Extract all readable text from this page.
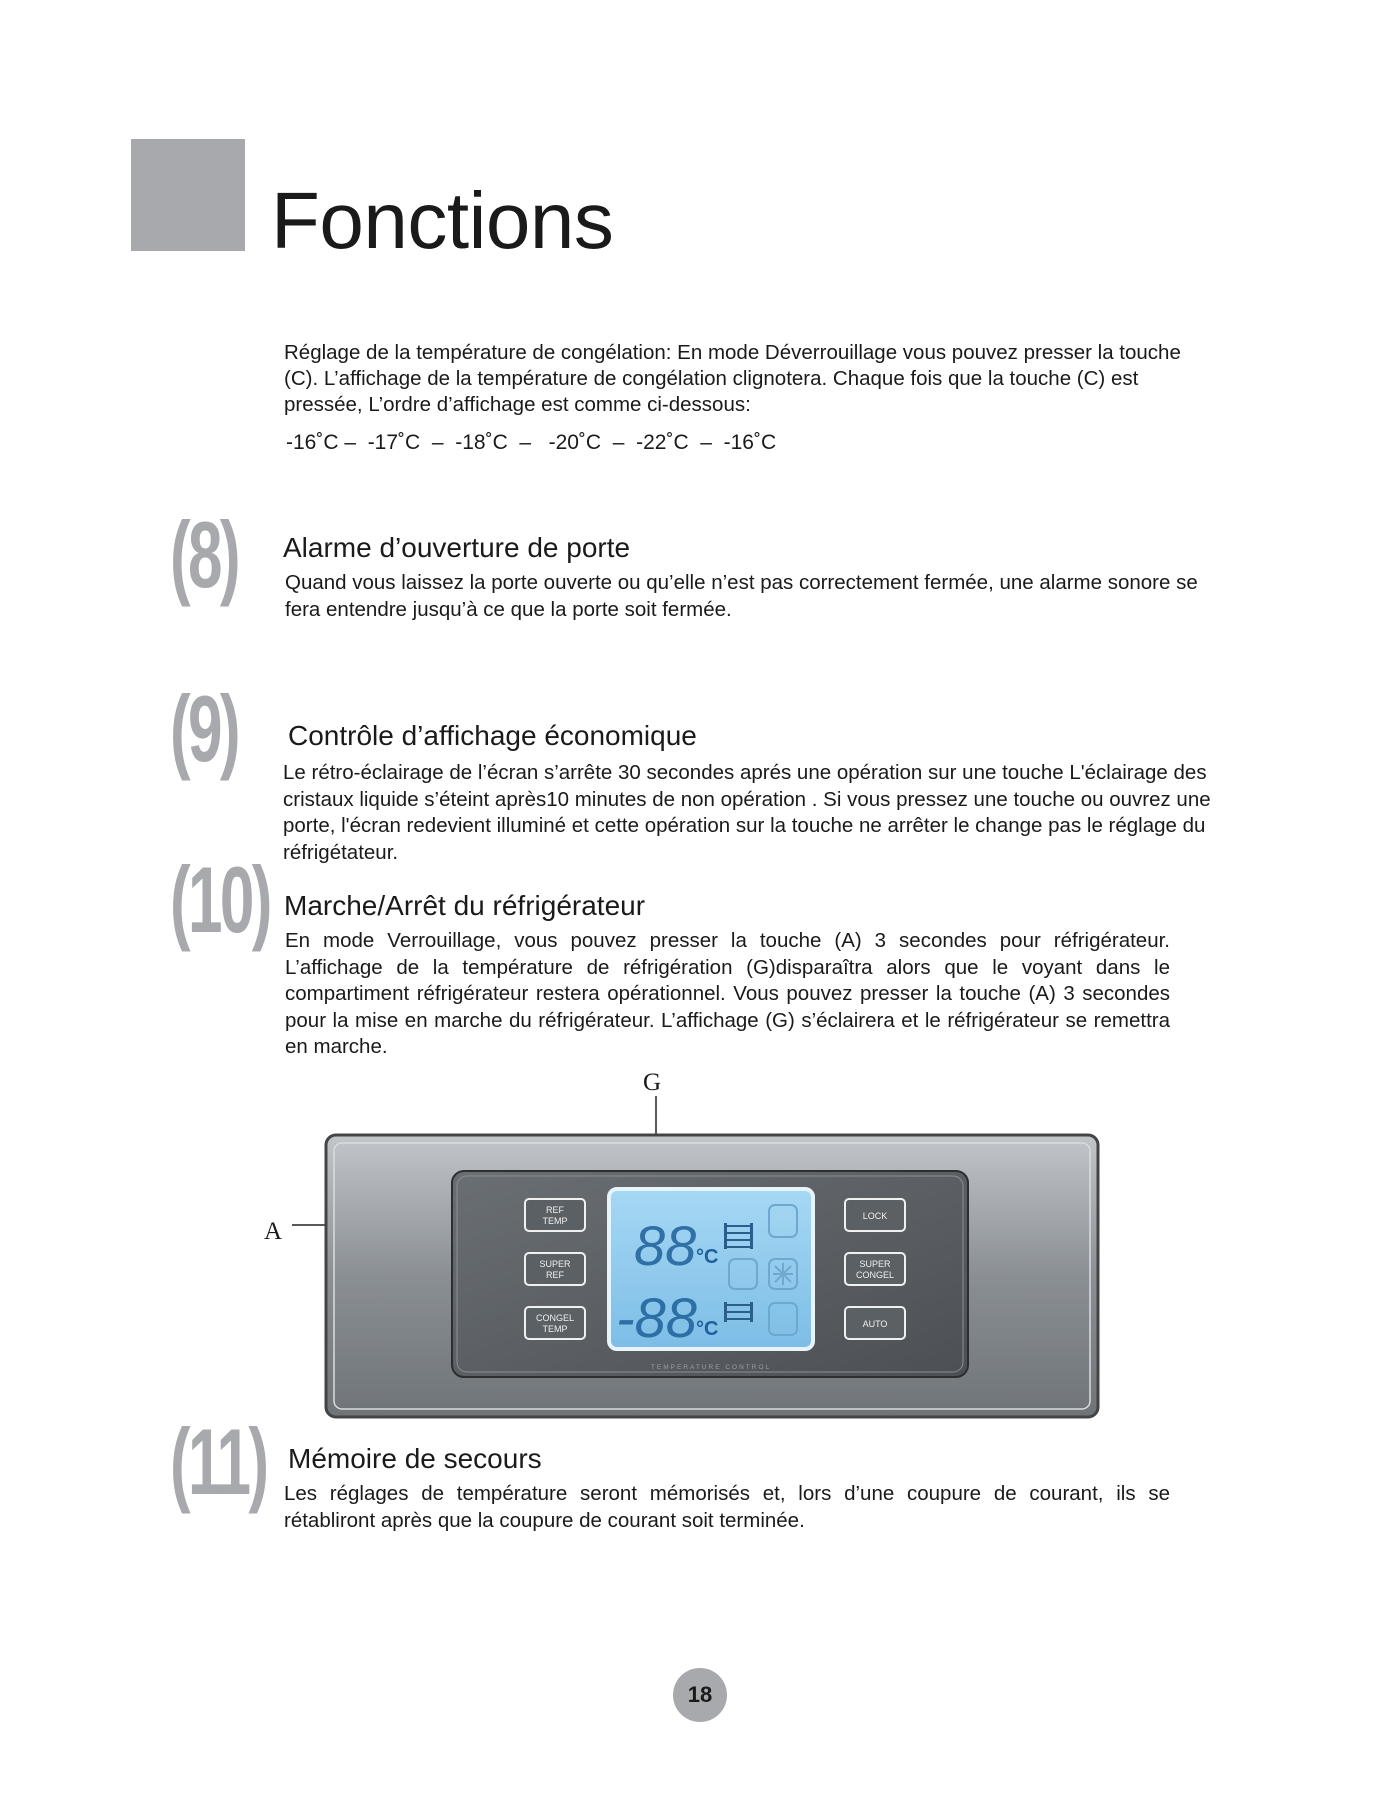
Fonctions
Réglage de la température de congélation: En mode Déverrouillage vous pouvez presser la touche (C). L’affichage de la température de congélation clignotera. Chaque fois que la touche (C) est pressée, L’ordre d’affichage est comme ci-dessous:
-16˚C –  -17˚C  –  -18˚C  –   -20˚C  –  -22˚C  –  -16˚C
(8) Alarme d’ouverture de porte
Quand vous laissez la porte ouverte ou qu’elle n’est pas correctement fermée, une alarme sonore se fera entendre jusqu’à ce que la porte soit fermée.
(9) Contrôle d’affichage économique
Le rétro-éclairage de l’écran s’arrête 30 secondes aprés une opération sur une touche L'éclairage des cristaux liquide s’éteint après10 minutes de non opération . Si vous pressez une touche ou ouvrez une porte, l'écran redevient illuminé et cette opération sur la touche ne arrêter le change pas le réglage du réfrigétateur.
(10) Marche/Arrêt du réfrigérateur
En mode Verrouillage, vous pouvez presser la touche (A) 3 secondes pour réfrigérateur. L’affichage de la température de réfrigération (G)disparaîtra alors que le voyant dans le compartiment réfrigérateur restera opérationnel. Vous pouvez presser la touche (A) 3 secondes pour la mise en marche du réfrigérateur. L’affichage (G) s’éclairera et le réfrigérateur se remettra en marche.
G
A	88 °C
-88 °C
TEMPERATURE CONTROL
REF
TEMP
SUPER
REF
CONGEL
TEMP
LOCK
SUPER
CONGEL
AUTO
(11) Mémoire de secours
Les réglages de température seront mémorisés et, lors d’une coupure de courant, ils se rétabliront après que la coupure de courant soit terminée.
18
